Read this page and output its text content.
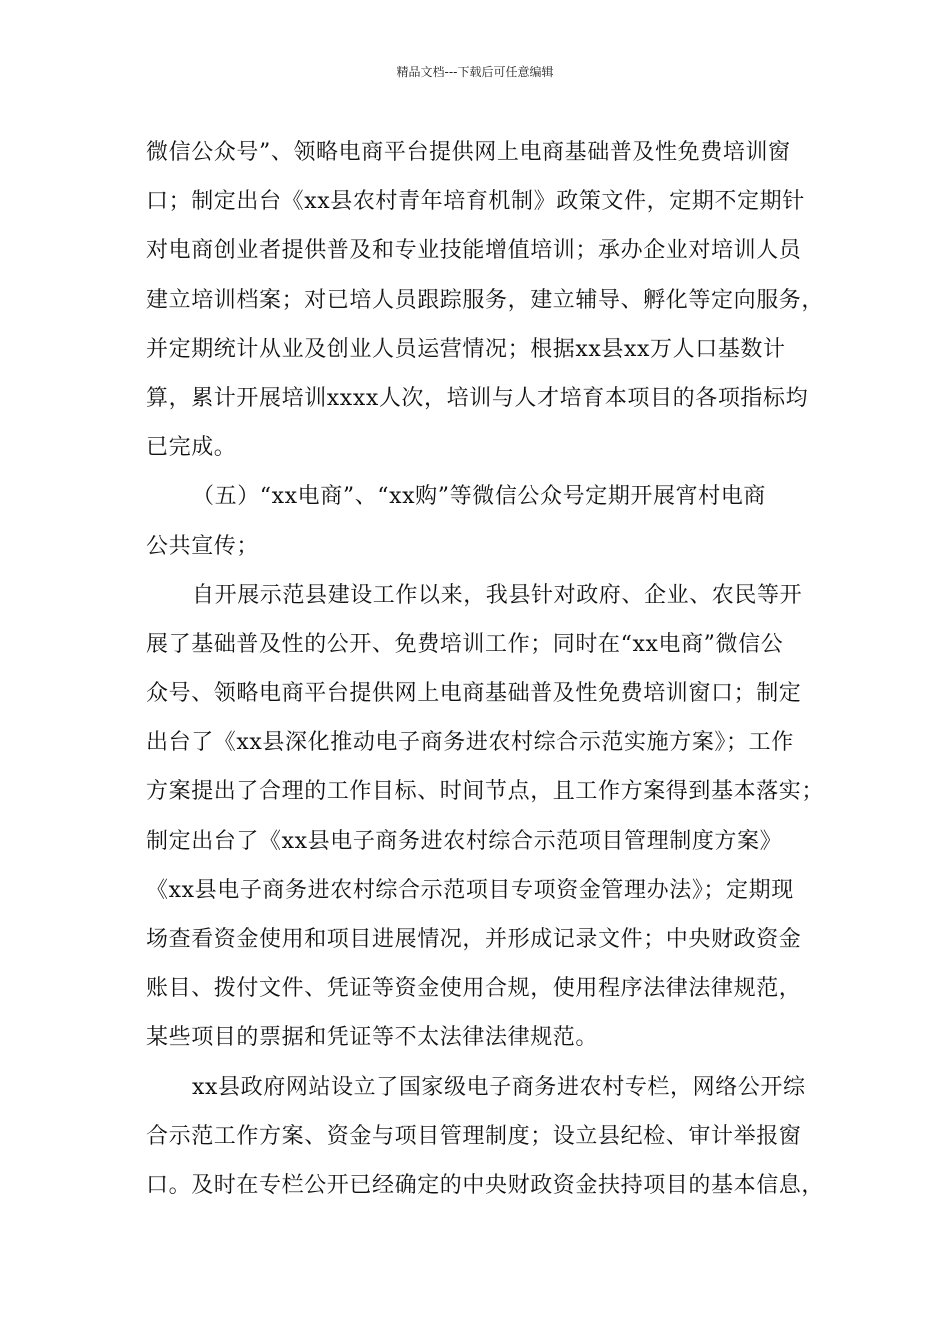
精品文档---下载后可任意编辑
微信公众号”、领略电商平台提供网上电商基础普及性免费培训窗
口；制定出台《xx县农村青年培育机制》政策文件，定期不定期针
对电商创业者提供普及和专业技能增值培训；承办企业对培训人员
建立培训档案；对已培人员跟踪服务，建立辅导、孵化等定向服务，
并定期统计从业及创业人员运营情况；根据xx县xx万人口基数计
算，累计开展培训xxxx人次，培训与人才培育本项目的各项指标均
已完成。
（五）“xx电商”、“xx购”等微信公众号定期开展宵村电商
公共宣传；
自开展示范县建设工作以来，我县针对政府、企业、农民等开
展了基础普及性的公开、免费培训工作；同时在“xx电商”微信公
众号、领略电商平台提供网上电商基础普及性免费培训窗口；制定
出台了《xx县深化推动电子商务进农村综合示范实施方案》；工作
方案提出了合理的工作目标、时间节点，且工作方案得到基本落实；
制定出台了《xx县电子商务进农村综合示范项目管理制度方案》
《xx县电子商务进农村综合示范项目专项资金管理办法》；定期现
场查看资金使用和项目进展情况，并形成记录文件；中央财政资金
账目、拨付文件、凭证等资金使用合规，使用程序法律法律规范，
某些项目的票据和凭证等不太法律法律规范。
xx县政府网站设立了国家级电子商务进农村专栏，网络公开综
合示范工作方案、资金与项目管理制度；设立县纪检、审计举报窗
口。及时在专栏公开已经确定的中央财政资金扶持项目的基本信息，
